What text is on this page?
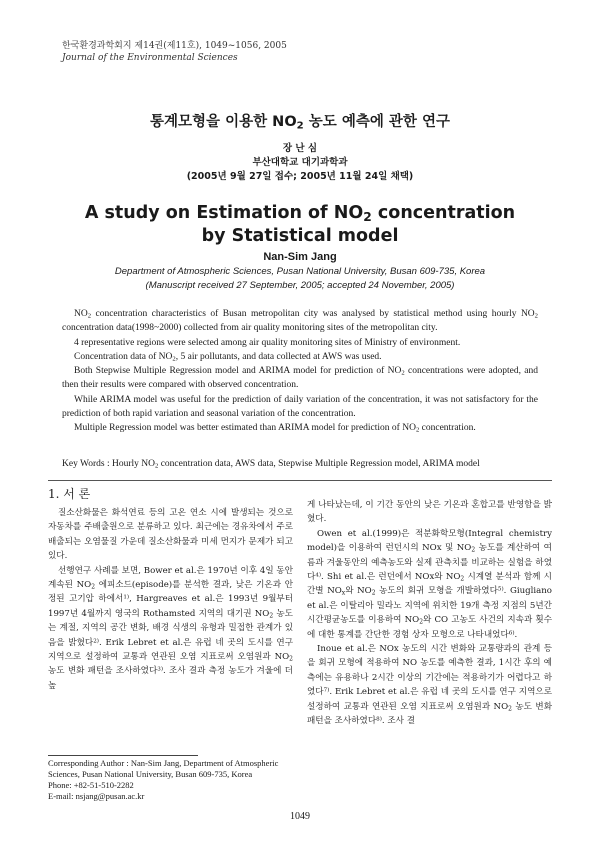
한국환경과학회지 제14권(제11호), 1049~1056, 2005
Journal of the Environmental Sciences
통계모형을 이용한 $NO_2$ 농도 예측에 관한 연구
장 난 심
부산대학교 대기과학과
(2005년 9월 27일 접수; 2005년 11월 24일 채택)
A study on Estimation of $NO_2$ concentration
by Statistical model
Nan-Sim Jang
Department of Atmospheric Sciences, Pusan National University, Busan 609-735, Korea
(Manuscript received 27 September, 2005; accepted 24 November, 2005)

$NO_2$ concentration characteristics of Busan metropolitan city was analysed by statistical method using hourly $NO_2$ concentration data(1998~2000) collected from air quality monitoring sites of the metropolitan city.

4 representative regions were selected among air quality monitoring sites of Ministry of environment.

Concentration data of $NO_2$, 5 air pollutants, and data collected at AWS was used.

Both Stepwise Multiple Regression model and ARIMA model for prediction of $NO_2$ concentrations were adopted, and then their results were compared with observed concentration.

While ARIMA model was useful for the prediction of daily variation of the concentration, it was not satisfactory for the prediction of both rapid variation and seasonal variation of the concentration.

Multiple Regression model was better estimated than ARIMA model for prediction of $NO_2$ concentration.

Key Words : Hourly $NO_2$ concentration data, AWS data, Stepwise Multiple Regression model, ARIMA model
1. 서 론

질소산화물은 화석연료 등의 고온 연소 시에 발생되는 것으로 자동차를 주배출원으로 분류하고 있다. 최근에는 경유차에서 주로 배출되는 오염물질 가운데 질소산화물과 미세 먼지가 문제가 되고 있다.

선행연구 사례를 보면, Bower et al.은 1970년 이후 4일 동안 계속된 $NO_2$ 에피소드(episode)를 분석한 결과, 낮은 기온과 안정된 고기압 하에서$^{1)}$, Hargreaves et al.은 1993년 9월부터 1997년 4월까지 영국의 Rothamsted 지역의 대기권 $NO_2$ 농도는 계절, 지역의 공간 변화, 배경 식생의 유형과 밀접한 관계가 있음을 밝혔다$^{2)}$. Erik Lebret et al.은 유럽 네 곳의 도시를 연구 지역으로 설정하여 교통과 연관된 오염 지표로써 오염원과 $NO_2$ 농도 변화 패턴을 조사하였다$^{3)}$. 조사 결과 측정 농도가 겨울에 더 높

Corresponding Author : Nan-Sim Jang, Department of Atmospheric Sciences, Pusan National University, Busan 609-735, Korea
Phone: +82-51-510-2282
E-mail: nsjang@pusan.ac.kr

게 나타났는데, 이 기간 동안의 낮은 기온과 혼합고를 반영함을 밝혔다.

Owen et al.(1999)은 적분화학모형(Integral chemistry model)을 이용하여 런던시의 NOx 및 $NO_2$ 농도를 계산하여 여름과 겨울동안의 예측농도와 실제 관측치를 비교하는 실험을 하였다$^{4)}$. Shi et al.은 런던에서 NOx와 $NO_2$ 시계열 분석과 함께 시간별 $NO_x$와 $NO_2$ 농도의 회귀 모형을 개발하였다$^{5)}$. Giugliano et al.은 이탈리아 밀라노 지역에 위치한 19개 측정 지점의 5년간 시간평균농도를 이용하여 $NO_2$와 CO 고농도 사건의 지속과 횟수에 대한 통계를 간단한 경험 상자 모형으로 나타내었다$^{6)}$.

Inoue et al.은 NOx 농도의 시간 변화와 교통량과의 관계 등을 회귀 모형에 적용하여 NO 농도를 예측한 결과, 1시간 후의 예측에는 유용하나 2시간 이상의 기간에는 적용하기가 어렵다고 하였다$^{7)}$. Erik Lebret et al.은 유럽 네 곳의 도시를 연구 지역으로 설정하여 교통과 연관된 오염 지표로써 오염원과 $NO_2$ 농도 변화 패턴을 조사하였다$^{8)}$. 조사 결

1049
